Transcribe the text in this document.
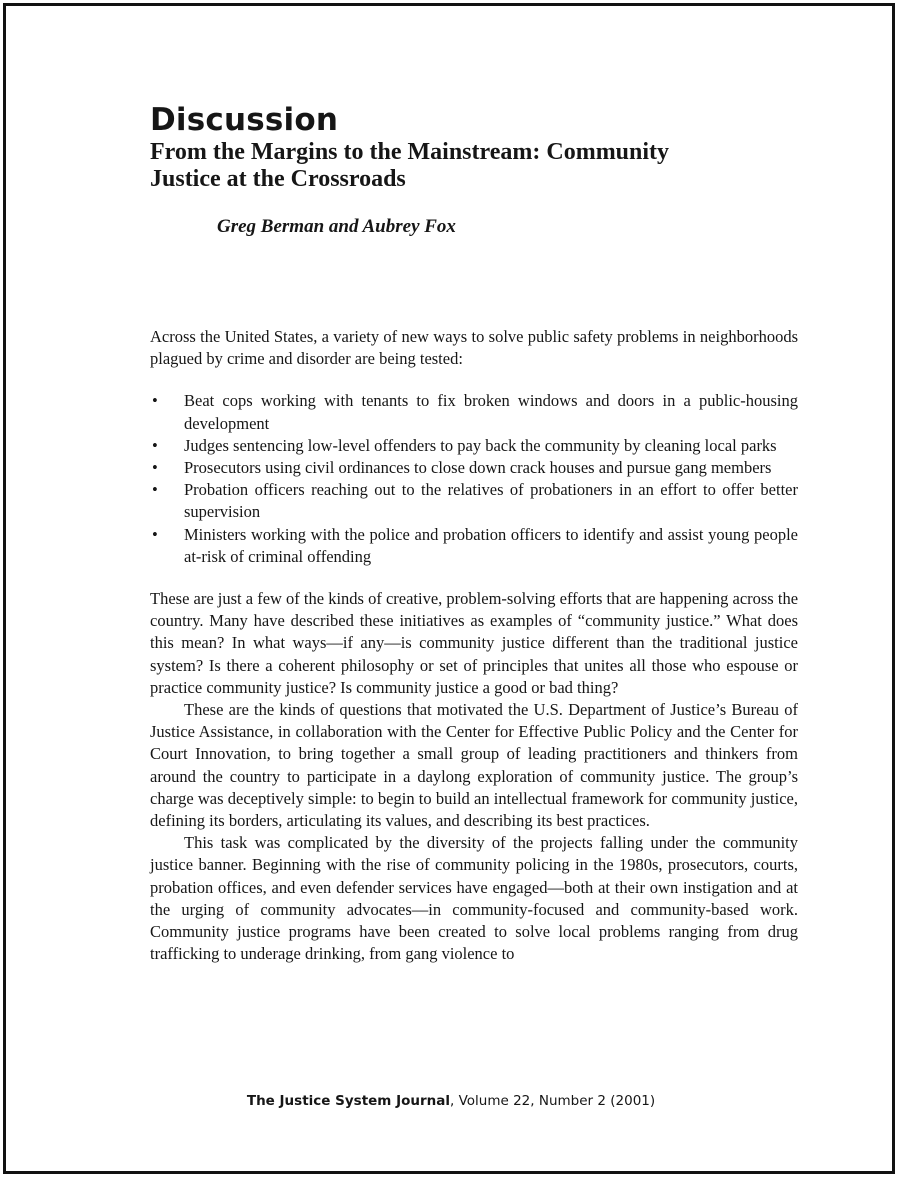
Discussion
From the Margins to the Mainstream: Community
Justice at the Crossroads
Greg Berman and Aubrey Fox

Across the United States, a variety of new ways to solve public safety problems in neighborhoods plagued by crime and disorder are being tested:

• Beat cops working with tenants to fix broken windows and doors in a public-housing development
• Judges sentencing low-level offenders to pay back the community by cleaning local parks
• Prosecutors using civil ordinances to close down crack houses and pursue gang members
• Probation officers reaching out to the relatives of probationers in an effort to offer better supervision
• Ministers working with the police and probation officers to identify and assist young people at-risk of criminal offending

These are just a few of the kinds of creative, problem-solving efforts that are happening across the country. Many have described these initiatives as examples of “community justice.” What does this mean? In what ways—if any—is community justice different than the traditional justice system? Is there a coherent philosophy or set of principles that unites all those who espouse or practice community justice? Is community justice a good or bad thing?

These are the kinds of questions that motivated the U.S. Department of Justice’s Bureau of Justice Assistance, in collaboration with the Center for Effective Public Policy and the Center for Court Innovation, to bring together a small group of leading practitioners and thinkers from around the country to participate in a daylong exploration of community justice. The group’s charge was deceptively simple: to begin to build an intellectual framework for community justice, defining its borders, articulating its values, and describing its best practices.

This task was complicated by the diversity of the projects falling under the community justice banner. Beginning with the rise of community policing in the 1980s, prosecutors, courts, probation offices, and even defender services have engaged—both at their own instigation and at the urging of community advocates—in community-focused and community-based work. Community justice programs have been created to solve local problems ranging from drug trafficking to underage drinking, from gang violence to

The Justice System Journal, Volume 22, Number 2 (2001)
